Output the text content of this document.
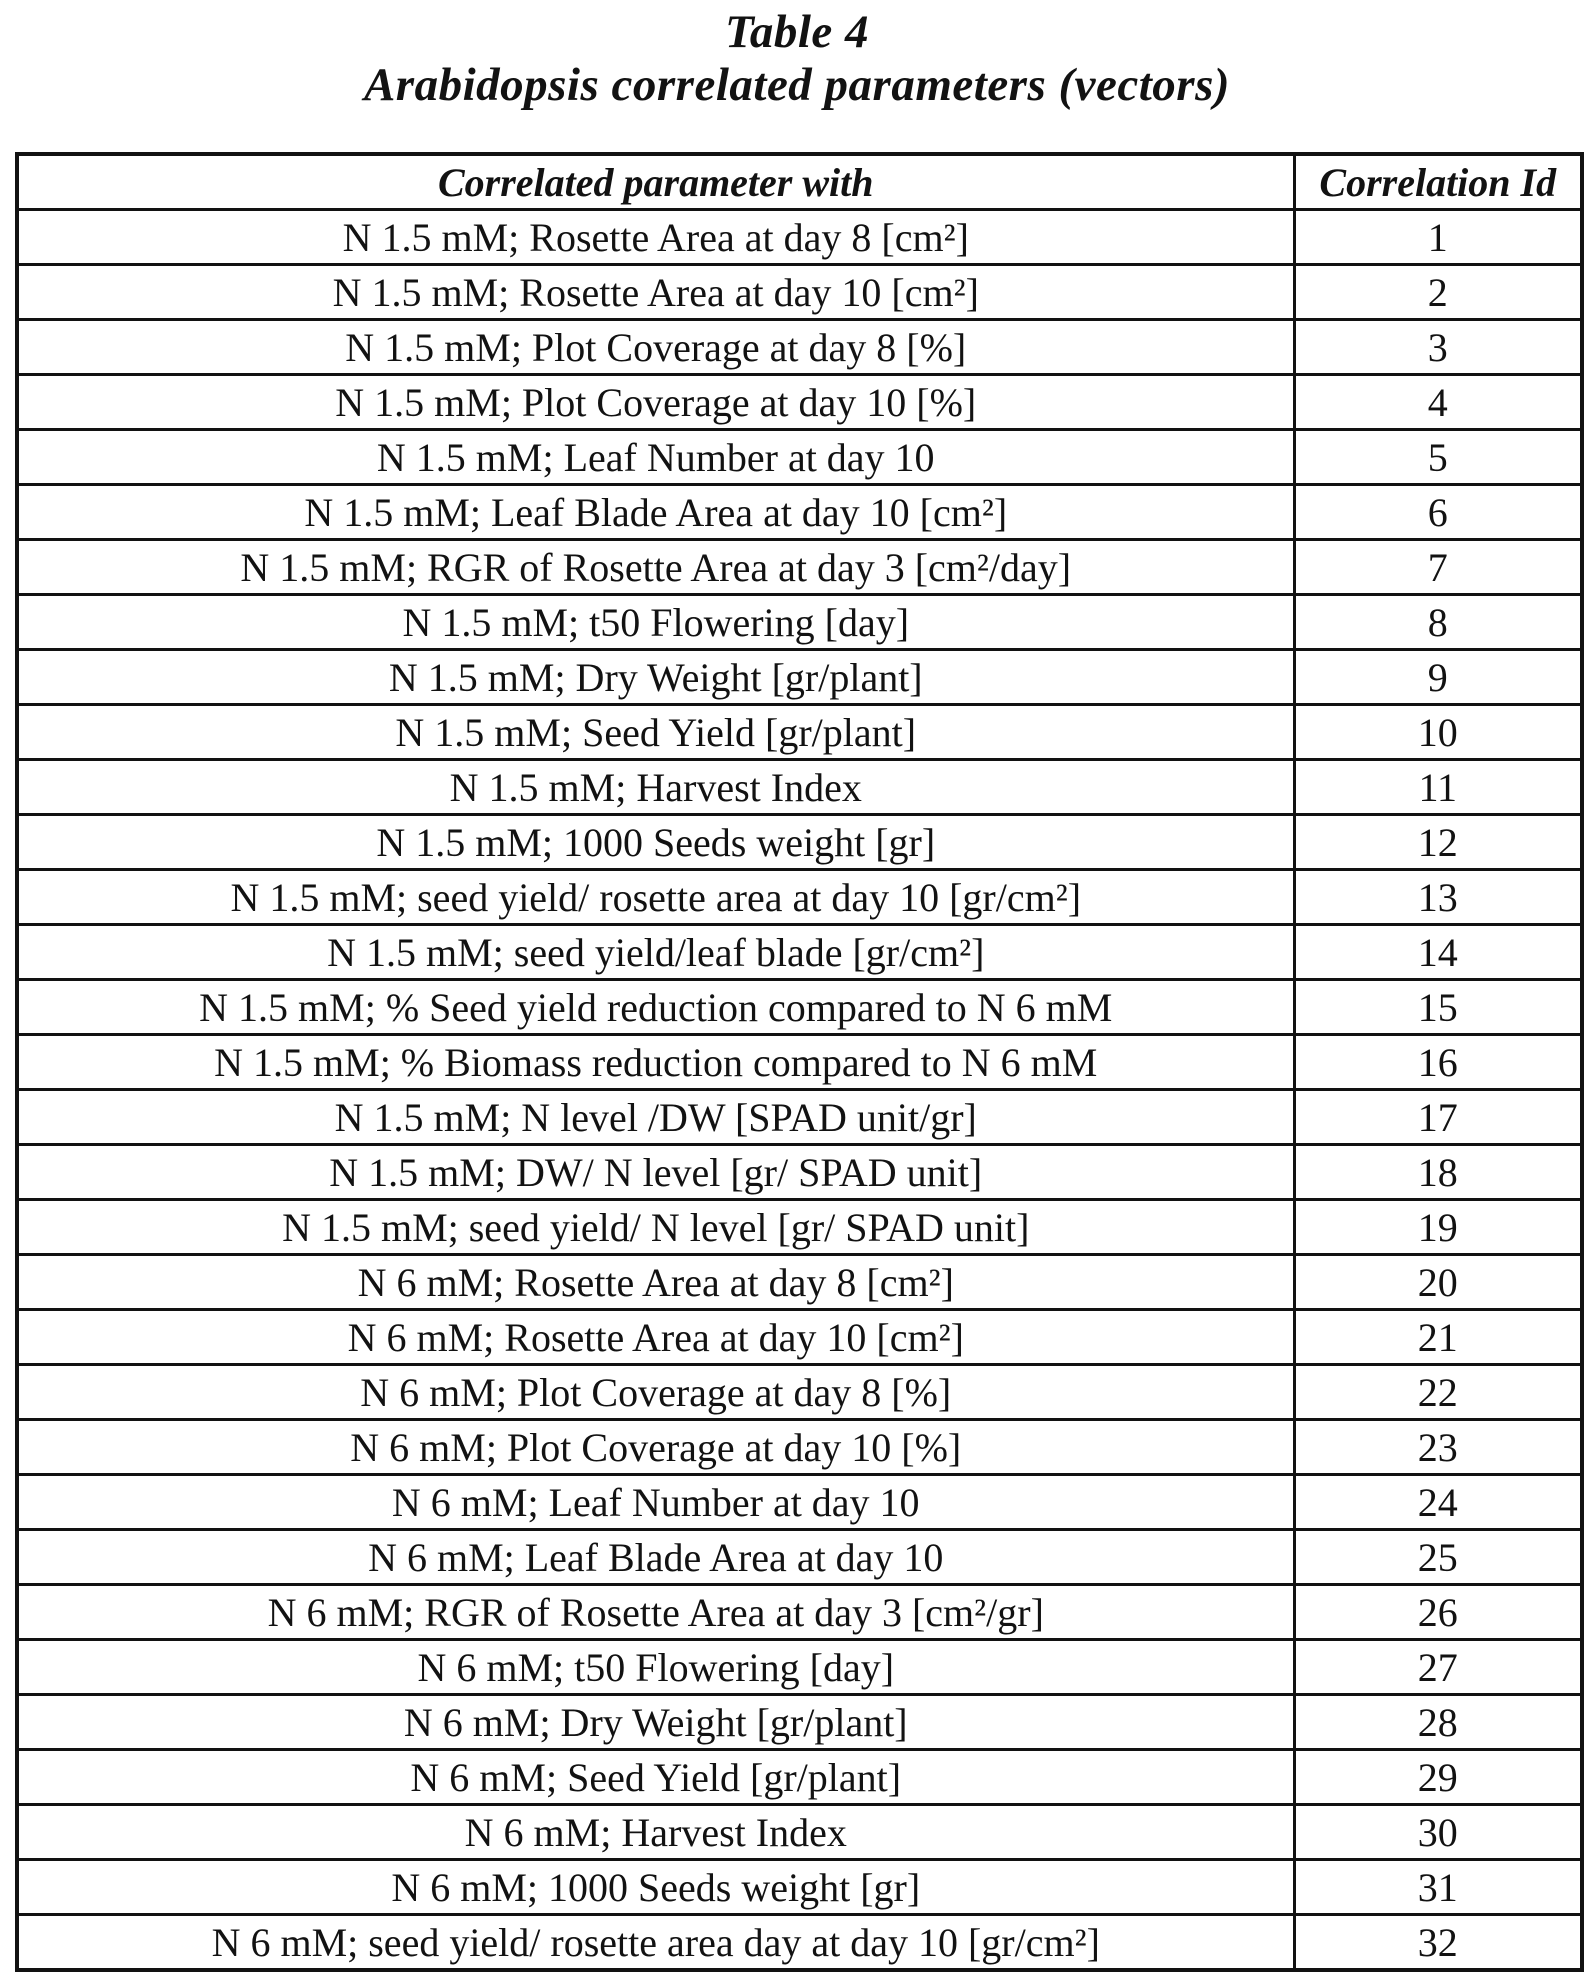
Table 4
Arabidopsis correlated parameters (vectors)
Correlated parameter with	Correlation Id
N 1.5 mM; Rosette Area at day 8 [cm²]	1
N 1.5 mM; Rosette Area at day 10 [cm²]	2
N 1.5 mM; Plot Coverage at day 8 [%]	3
N 1.5 mM; Plot Coverage at day 10 [%]	4
N 1.5 mM; Leaf Number at day 10	5
N 1.5 mM; Leaf Blade Area at day 10 [cm²]	6
N 1.5 mM; RGR of Rosette Area at day 3 [cm²/day]	7
N 1.5 mM; t50 Flowering [day]	8
N 1.5 mM; Dry Weight [gr/plant]	9
N 1.5 mM; Seed Yield [gr/plant]	10
N 1.5 mM; Harvest Index	11
N 1.5 mM; 1000 Seeds weight [gr]	12
N 1.5 mM; seed yield/ rosette area at day 10 [gr/cm²]	13
N 1.5 mM; seed yield/leaf blade [gr/cm²]	14
N 1.5 mM; % Seed yield reduction compared to N 6 mM	15
N 1.5 mM; % Biomass reduction compared to N 6 mM	16
N 1.5 mM; N level /DW [SPAD unit/gr]	17
N 1.5 mM; DW/ N level [gr/ SPAD unit]	18
N 1.5 mM; seed yield/ N level [gr/ SPAD unit]	19
N 6 mM; Rosette Area at day 8 [cm²]	20
N 6 mM; Rosette Area at day 10 [cm²]	21
N 6 mM; Plot Coverage at day 8 [%]	22
N 6 mM; Plot Coverage at day 10 [%]	23
N 6 mM; Leaf Number at day 10	24
N 6 mM; Leaf Blade Area at day 10	25
N 6 mM; RGR of Rosette Area at day 3 [cm²/gr]	26
N 6 mM; t50 Flowering [day]	27
N 6 mM; Dry Weight [gr/plant]	28
N 6 mM; Seed Yield [gr/plant]	29
N 6 mM; Harvest Index	30
N 6 mM; 1000 Seeds weight [gr]	31
N 6 mM; seed yield/ rosette area day at day 10 [gr/cm²]	32
